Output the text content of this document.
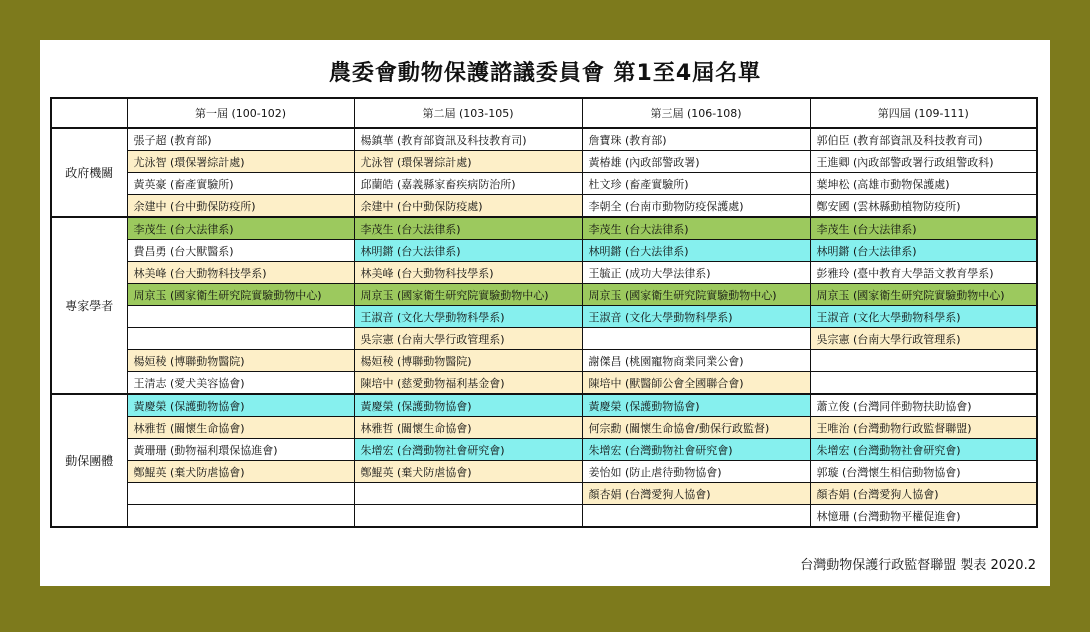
農委會動物保護諮議委員會 第1至4屆名單
	第一屆 (100-102)	第二屆 (103-105)	第三屆 (106-108)	第四屆 (109-111)
政府機關	張子超 (教育部)	楊鎮華 (教育部資訊及科技教育司)	詹寶珠 (教育部)	郭伯臣 (教育部資訊及科技教育司)
	尤泳智 (環保署綜計處)	尤泳智 (環保署綜計處)	黃椿雄 (內政部警政署)	王進卿 (內政部警政署行政組警政科)
	黃英豪 (畜產實驗所)	邱蘭皓 (嘉義縣家畜疾病防治所)	杜文珍 (畜產實驗所)	葉坤松 (高雄市動物保護處)
	余建中 (台中動保防疫所)	余建中 (台中動保防疫處)	李朝全 (台南市動物防疫保護處)	鄭安國 (雲林縣動植物防疫所)
專家學者	李茂生 (台大法律系)	李茂生 (台大法律系)	李茂生 (台大法律系)	李茂生 (台大法律系)
	費昌勇 (台大獸醫系)	林明鏘 (台大法律系)	林明鏘 (台大法律系)	林明鏘 (台大法律系)
	林美峰 (台大動物科技學系)	林美峰 (台大動物科技學系)	王毓正 (成功大學法律系)	彭雅玲 (臺中教育大學語文教育學系)
	周京玉 (國家衛生研究院實驗動物中心)	周京玉 (國家衛生研究院實驗動物中心)	周京玉 (國家衛生研究院實驗動物中心)	周京玉 (國家衛生研究院實驗動物中心)
		王淑音 (文化大學動物科學系)	王淑音 (文化大學動物科學系)	王淑音 (文化大學動物科學系)
		吳宗憲 (台南大學行政管理系)		吳宗憲 (台南大學行政管理系)
	楊姮稜 (博聯動物醫院)	楊姮稜 (博聯動物醫院)	謝傑昌 (桃園寵物商業同業公會)	
	王清志 (愛犬美容協會)	陳培中 (慈愛動物福利基金會)	陳培中 (獸醫師公會全國聯合會)	
動保團體	黃慶榮 (保護動物協會)	黃慶榮 (保護動物協會)	黃慶榮 (保護動物協會)	蕭立俊 (台灣同伴動物扶助協會)
	林雅哲 (關懷生命協會)	林雅哲 (關懷生命協會)	何宗勳 (關懷生命協會/動保行政監督)	王唯治 (台灣動物行政監督聯盟)
	黃珊珊 (動物福利環保協進會)	朱增宏 (台灣動物社會研究會)	朱增宏 (台灣動物社會研究會)	朱增宏 (台灣動物社會研究會)
	鄭鯤英 (棄犬防虐協會)	鄭鯤英 (棄犬防虐協會)	姜怡如 (防止虐待動物協會)	郭璇 (台灣懷生相信動物協會)
			顏杏娟 (台灣愛狗人協會)	顏杏娟 (台灣愛狗人協會)
				林憶珊 (台灣動物平權促進會)
台灣動物保護行政監督聯盟 製表 2020.2
